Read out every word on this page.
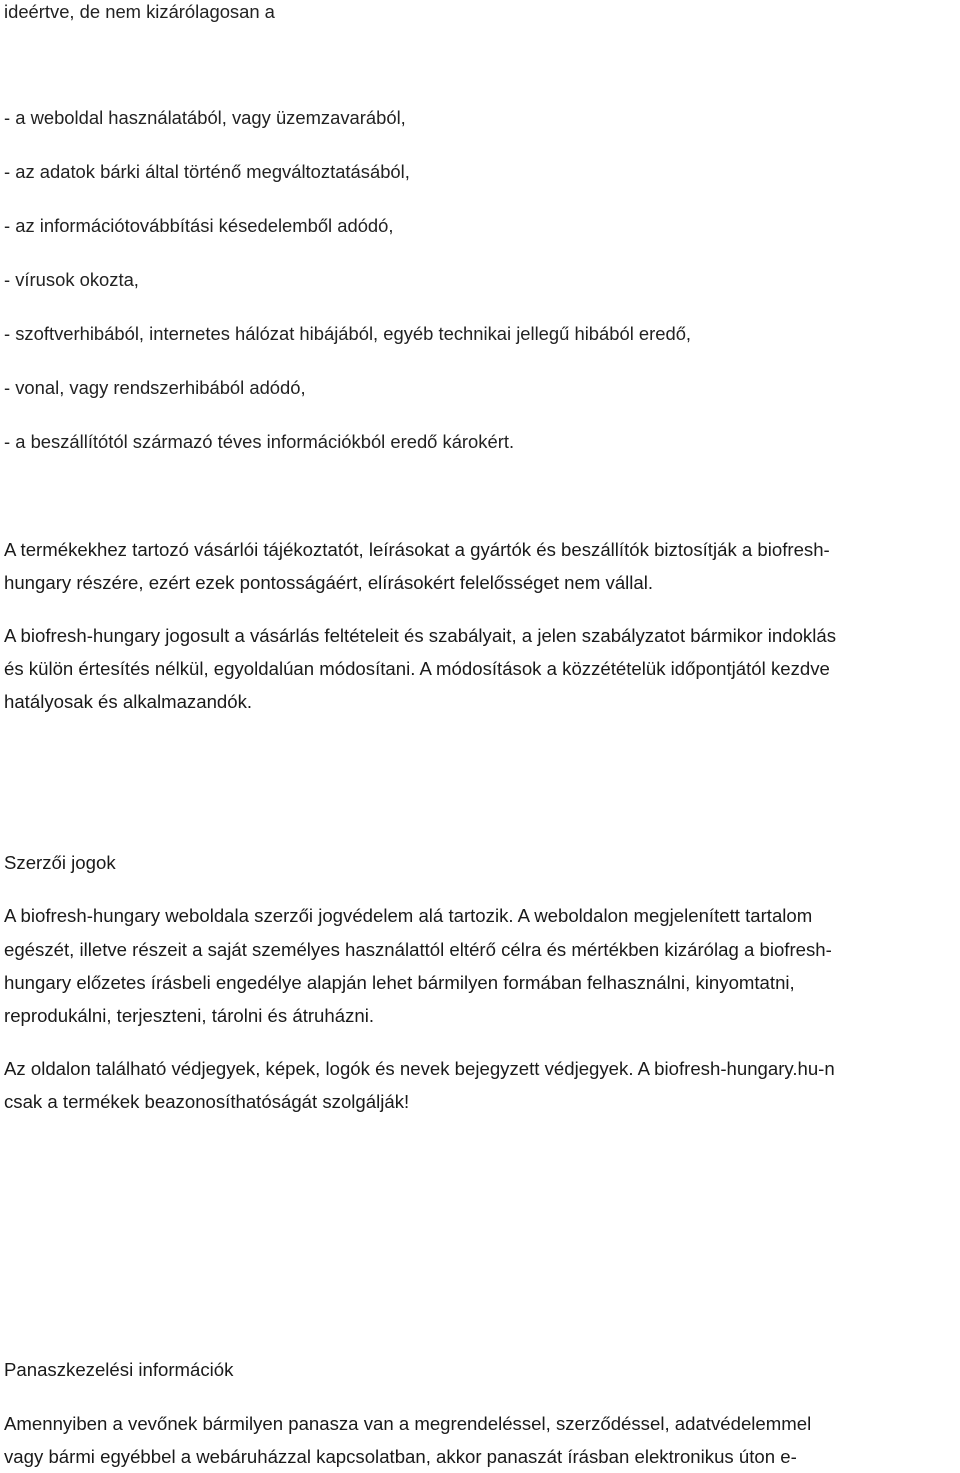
ideértve, de nem kizárólagosan a
- a weboldal használatából, vagy üzemzavarából,
- az adatok bárki által történő megváltoztatásából,
- az információtovábbítási késedelemből adódó,
- vírusok okozta,
- szoftverhibából, internetes hálózat hibájából, egyéb technikai jellegű hibából eredő,
- vonal, vagy rendszerhibából adódó,
- a beszállítótól származó téves információkból eredő károkért.
A termékekhez tartozó vásárlói tájékoztatót, leírásokat a gyártók és beszállítók biztosítják a biofresh-
hungary részére, ezért ezek pontosságáért, elírásokért felelősséget nem vállal.
A biofresh-hungary jogosult a vásárlás feltételeit és szabályait, a jelen szabályzatot bármikor indoklás
és külön értesítés nélkül, egyoldalúan módosítani. A módosítások a közzétételük időpontjától kezdve
hatályosak és alkalmazandók.
Szerzői jogok
A biofresh-hungary weboldala szerzői jogvédelem alá tartozik. A weboldalon megjelenített tartalom
egészét, illetve részeit a saját személyes használattól eltérő célra és mértékben kizárólag a biofresh-
hungary előzetes írásbeli engedélye alapján lehet bármilyen formában felhasználni, kinyomtatni,
reprodukálni, terjeszteni, tárolni és átruházni.
Az oldalon található védjegyek, képek, logók és nevek bejegyzett védjegyek. A biofresh-hungary.hu-n
csak a termékek beazonosíthatóságát szolgálják!
Panaszkezelési információk
Amennyiben a vevőnek bármilyen panasza van a megrendeléssel, szerződéssel, adatvédelemmel
vagy bármi egyébbel a webáruházzal kapcsolatban, akkor panaszát írásban elektronikus úton e-
